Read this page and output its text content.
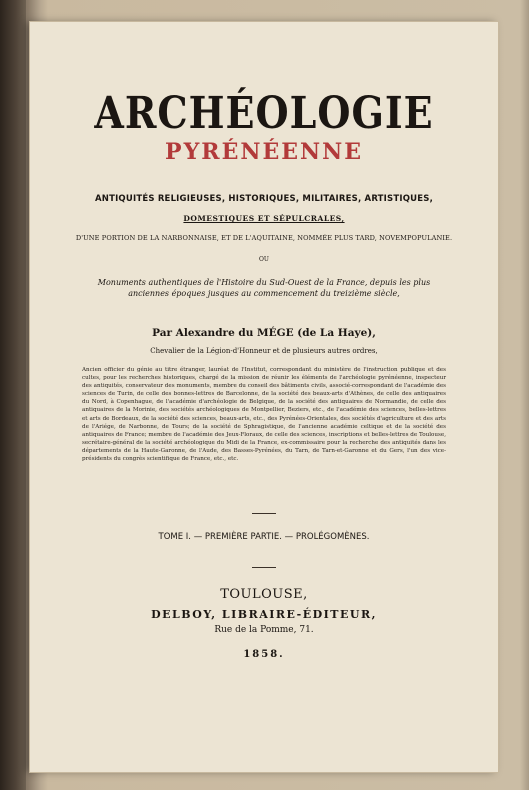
ARCHÉOLOGIE
PYRÉNÉENNE
ANTIQUITÉS RELIGIEUSES, HISTORIQUES, MILITAIRES, ARTISTIQUES,
DOMESTIQUES ET SÉPULCRALES,
D'UNE PORTION DE LA NARBONNAISE, ET DE L'AQUITAINE, NOMMÉE PLUS TARD, NOVEMPOPULANIE.
OU
Monuments authentiques de l'Histoire du Sud-Ouest de la France, depuis les plus anciennes époques jusques au commencement du treizième siècle,
Par Alexandre du MÉGE (de La Haye),
Chevalier de la Légion-d'Honneur et de plusieurs autres ordres,
Ancien officier du génie au titre étranger, lauréat de l'Institut, correspondant du ministère de l'instruction publique et des cultes, pour les recherches historiques, chargé de la mission de réunir les éléments de l'archéologie pyrénéenne, inspecteur des antiquités, conservateur des monuments, membre du conseil des bâtiments civils, associé-correspondant de l'académie des sciences de Turin, de celle des bonnes-lettres de Barcelonne, de la société des beaux-arts d'Athènes, de celle des antiquaires du Nord, à Copenhague, de l'académie d'archéologie de Belgique, de la société des antiquaires de Normandie, de celle des antiquaires de la Morinie, des sociétés archéologiques de Montpellier, Beziers, etc., de l'académie des sciences, belles-lettres et arts de Bordeaux, de la société des sciences, beaux-arts, etc., des Pyrénées-Orientales, des sociétés d'agriculture et des arts de l'Ariége, de Narbonne, de Tours; de la société de Sphragistique, de l'ancienne académie celtique et de la société des antiquaires de France; membre de l'académie des Jeux-Floraux, de celle des sciences, inscriptions et belles-lettres de Toulouse, secrétaire-général de la société archéologique du Midi de la France, ex-commissaire pour la recherche des antiquités dans les départements de la Haute-Garonne, de l'Aude, des Basses-Pyrénées, du Tarn, de Tarn-et-Garonne et du Gers, l'un des vice-présidents du congrès scientifique de France, etc., etc.
TOME I. — PREMIÈRE PARTIE. — PROLÉGOMÈNES.
TOULOUSE,
DELBOY, LIBRAIRE-ÉDITEUR,
Rue de la Pomme, 71.
1858.
